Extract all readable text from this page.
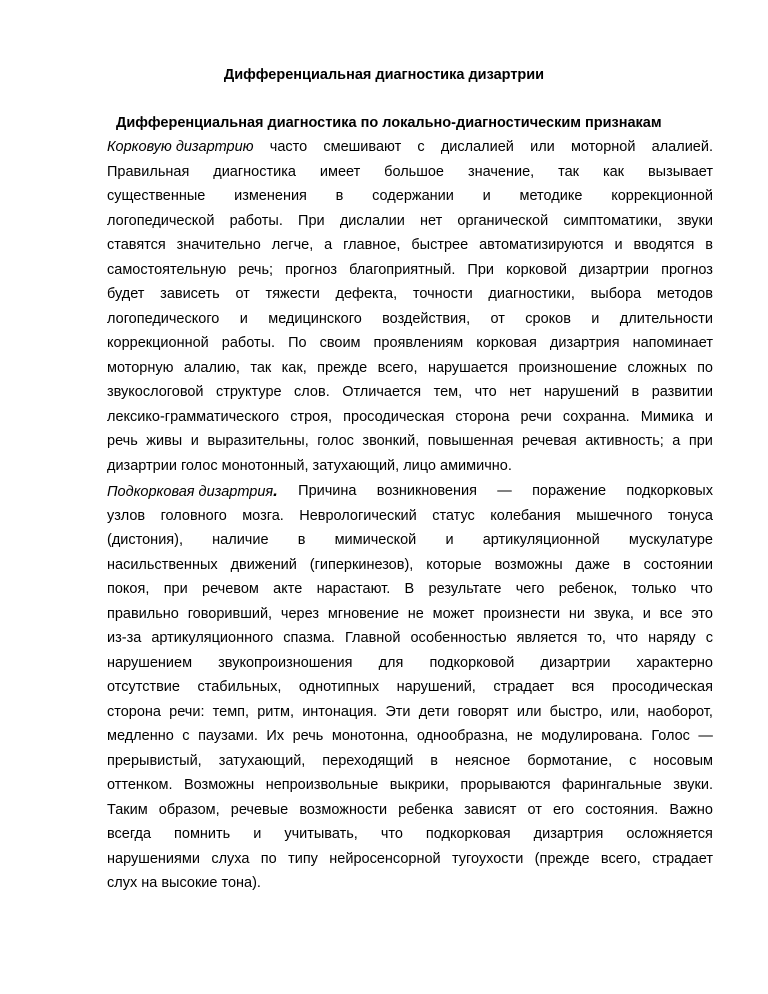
Дифференциальная диагностика дизартрии
Дифференциальная диагностика по локально-диагностическим признакам
Корковую дизартрию часто смешивают с дислалией или моторной алалией.
Правильная диагностика имеет большое значение, так как вызывает
существенные изменения в содержании и методике коррекционной
логопедической работы. При дислалии нет органической симптоматики, звуки
ставятся значительно легче, а главное, быстрее автоматизируются и вводятся в
самостоятельную речь; прогноз благоприятный. При корковой дизартрии прогноз
будет зависеть от тяжести дефекта, точности диагностики, выбора методов
логопедического и медицинского воздействия, от сроков и длительности
коррекционной работы. По своим проявлениям корковая дизартрия напоминает
моторную алалию, так как, прежде всего, нарушается произношение сложных по
звукослоговой структуре слов. Отличается тем, что нет нарушений в развитии
лексико-грамматического строя, просодическая сторона речи сохранна. Мимика и
речь живы и выразительны, голос звонкий, повышенная речевая активность; а при
дизартрии голос монотонный, затухающий, лицо амимично.
Подкорковая дизартрия. Причина возникновения — поражение подкорковых
узлов головного мозга. Неврологический статус колебания мышечного тонуса
(дистония), наличие в мимической и артикуляционной мускулатуре
насильственных движений (гиперкинезов), которые возможны даже в состоянии
покоя, при речевом акте нарастают. В результате чего ребенок, только что
правильно говоривший, через мгновение не может произнести ни звука, и все это
из-за артикуляционного спазма. Главной особенностью является то, что наряду с
нарушением звукопроизношения для подкорковой дизартрии характерно
отсутствие стабильных, однотипных нарушений, страдает вся просодическая
сторона речи: темп, ритм, интонация. Эти дети говорят или быстро, или, наоборот,
медленно с паузами. Их речь монотонна, однообразна, не модулирована. Голос —
прерывистый, затухающий, переходящий в неясное бормотание, с носовым
оттенком. Возможны непроизвольные выкрики, прорываются фарингальные звуки.
Таким образом, речевые возможности ребенка зависят от его состояния. Важно
всегда помнить и учитывать, что подкорковая дизартрия осложняется
нарушениями слуха по типу нейросенсорной тугоухости (прежде всего, страдает
слух на высокие тона).
